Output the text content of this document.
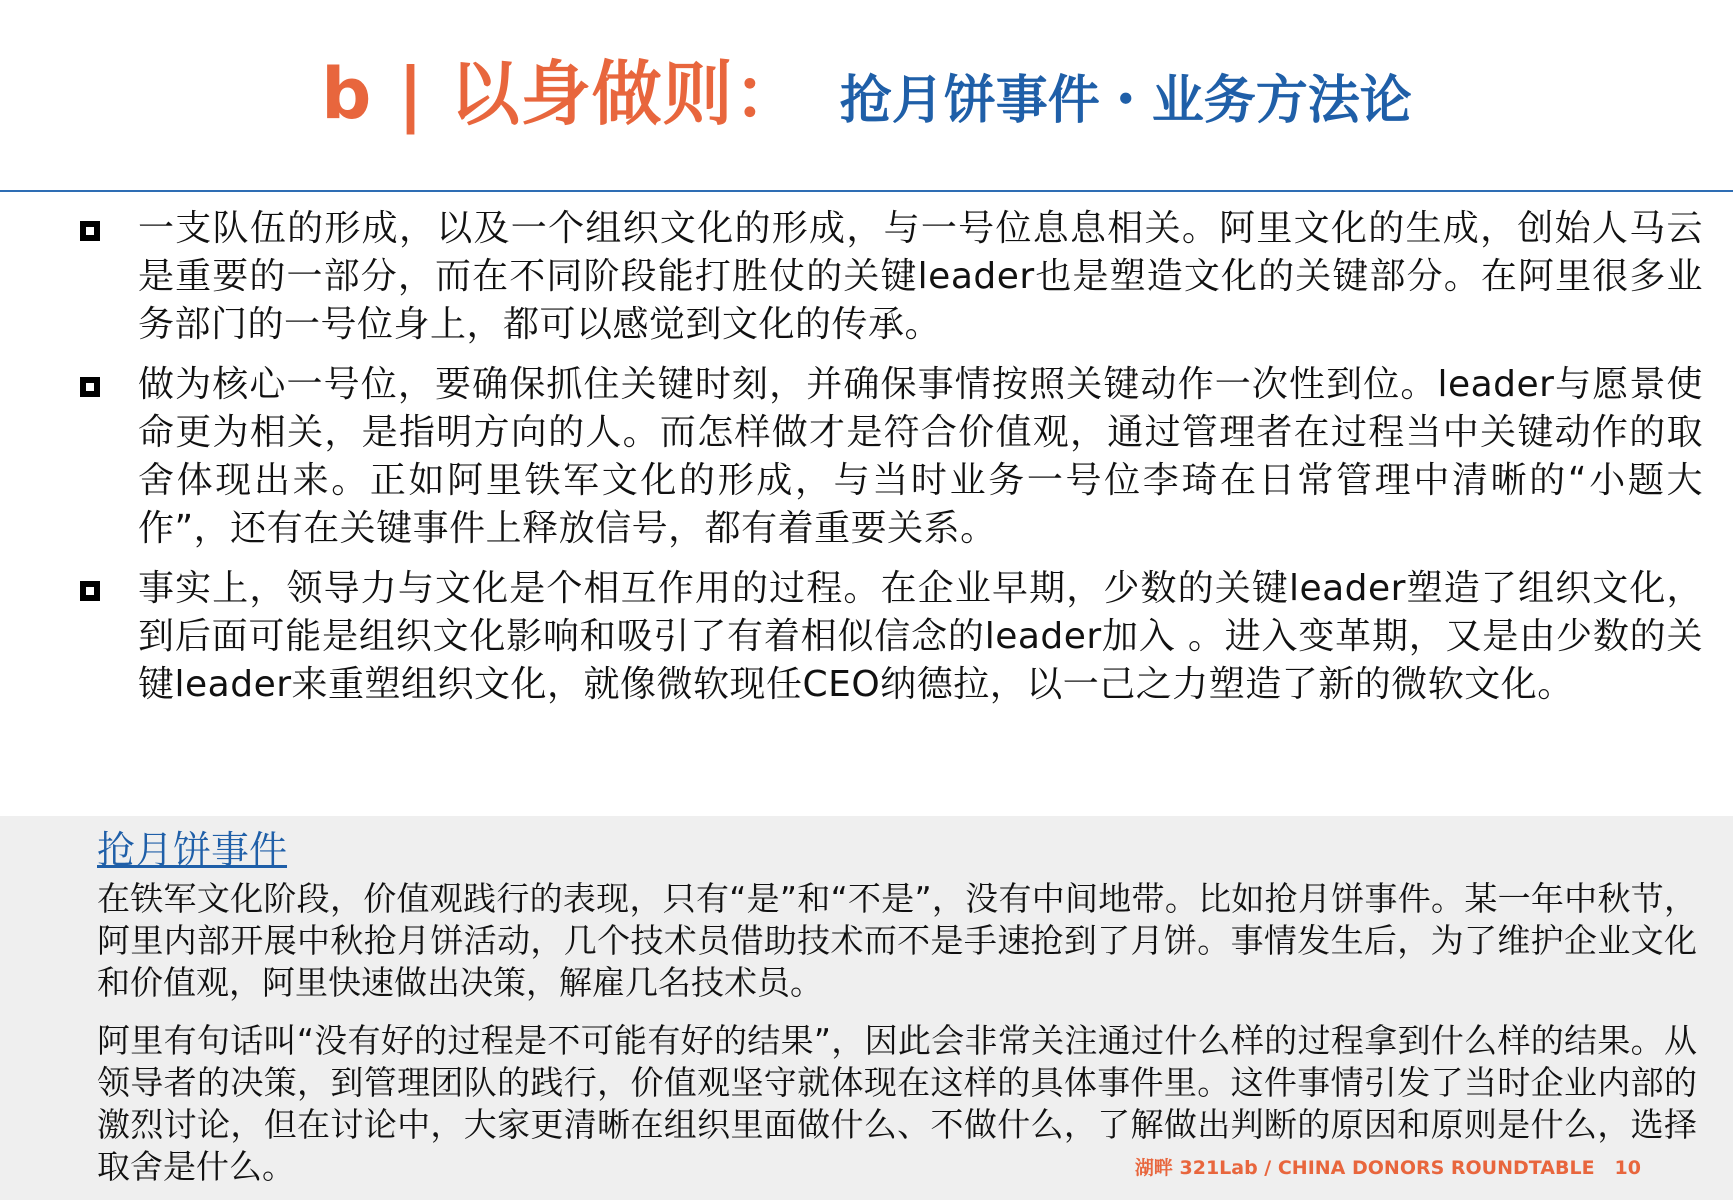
b | 以身做则： 抢月饼事件・业务方法论
一支队伍的形成，以及一个组织文化的形成，与一号位息息相关。阿里文化的生成，创始人马云是重要的一部分，而在不同阶段能打胜仗的关键leader也是塑造文化的关键部分。在阿里很多业务部门的一号位身上，都可以感觉到文化的传承。
做为核心一号位，要确保抓住关键时刻，并确保事情按照关键动作一次性到位。leader与愿景使命更为相关，是指明方向的人。而怎样做才是符合价值观，通过管理者在过程当中关键动作的取舍体现出来。正如阿里铁军文化的形成，与当时业务一号位李琦在日常管理中清晰的“小题大作”，还有在关键事件上释放信号，都有着重要关系。
事实上，领导力与文化是个相互作用的过程。在企业早期，少数的关键leader塑造了组织文化，到后面可能是组织文化影响和吸引了有着相似信念的leader加入 。进入变革期，又是由少数的关键leader来重塑组织文化，就像微软现任CEO纳德拉，以一己之力塑造了新的微软文化。
抢月饼事件
在铁军文化阶段，价值观践行的表现，只有“是”和“不是”，没有中间地带。比如抢月饼事件。某一年中秋节，阿里内部开展中秋抢月饼活动，几个技术员借助技术而不是手速抢到了月饼。事情发生后，为了维护企业文化和价值观，阿里快速做出决策，解雇几名技术员。
阿里有句话叫“没有好的过程是不可能有好的结果”，因此会非常关注通过什么样的过程拿到什么样的结果。从领导者的决策，到管理团队的践行，价值观坚守就体现在这样的具体事件里。这件事情引发了当时企业内部的激烈讨论，但在讨论中，大家更清晰在组织里面做什么、不做什么，了解做出判断的原因和原则是什么，选择取舍是什么。	湖畔 321Lab / CHINA DONORS ROUNDTABLE 10
